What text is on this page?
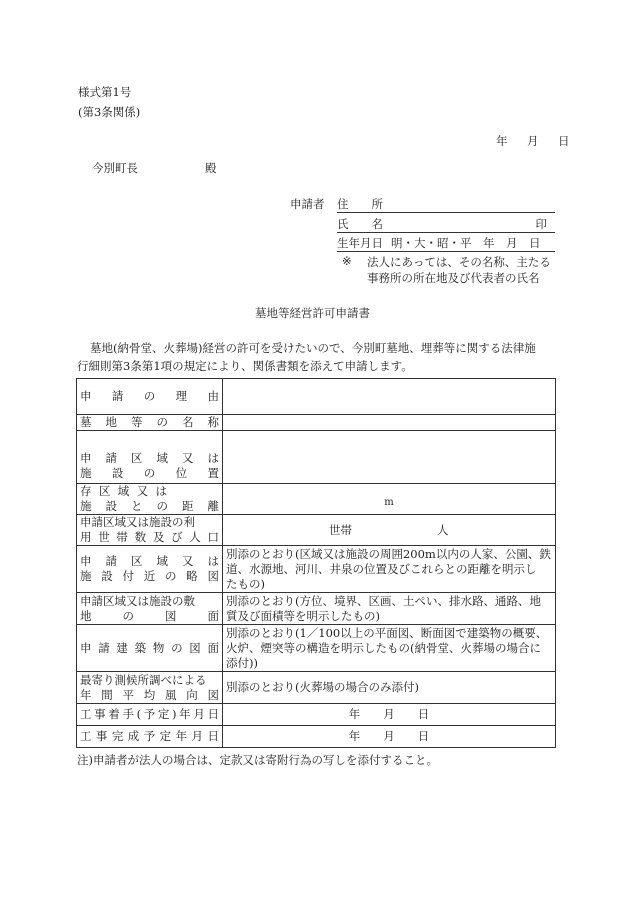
様式第1号
(第3条関係)
年　月　日
今別町長	殿
申請者 住　　所
氏　　名	印
生年月日 明・大・昭・平　年　月　日
※ 法人にあっては、その名称、主たる
事務所の所在地及び代表者の氏名
墓地等経営許可申請書
墓地(納骨堂、火葬場)経営の許可を受けたいので、今別町墓地、埋葬等に関する法律施
行細則第3条第1項の規定により、関係書類を添えて申請します。
申請の理由	

墓地等の名称	

申請区域又は
施設の位置	

存区域又は
施設との距離	m

申請区域又は施設の利
用世帯数及び人口	世帯 人

申請区域又は
施設付近の略図	別添のとおり(区域又は施設の周囲200m以内の人家、公園、鉄
道、水源地、河川、井泉の位置及びこれらとの距離を明示し
たもの)

申請区域又は施設の敷
地の図面	別添のとおり(方位、境界、区画、土ぺい、排水路、通路、地
質及び面積等を明示したもの)

申請建築物の図面	別添のとおり(1／100以上の平面図、断面図で建築物の概要、
火炉、煙突等の構造を明示したもの(納骨堂、火葬場の場合に
添付))

最寄り測候所調べによる
年間平均風向図	別添のとおり(火葬場の場合のみ添付)

工事着手(予定)年月日	年　　月　　日

工事完成予定年月日	年　　月　　日
注)申請者が法人の場合は、定款又は寄附行為の写しを添付すること。
